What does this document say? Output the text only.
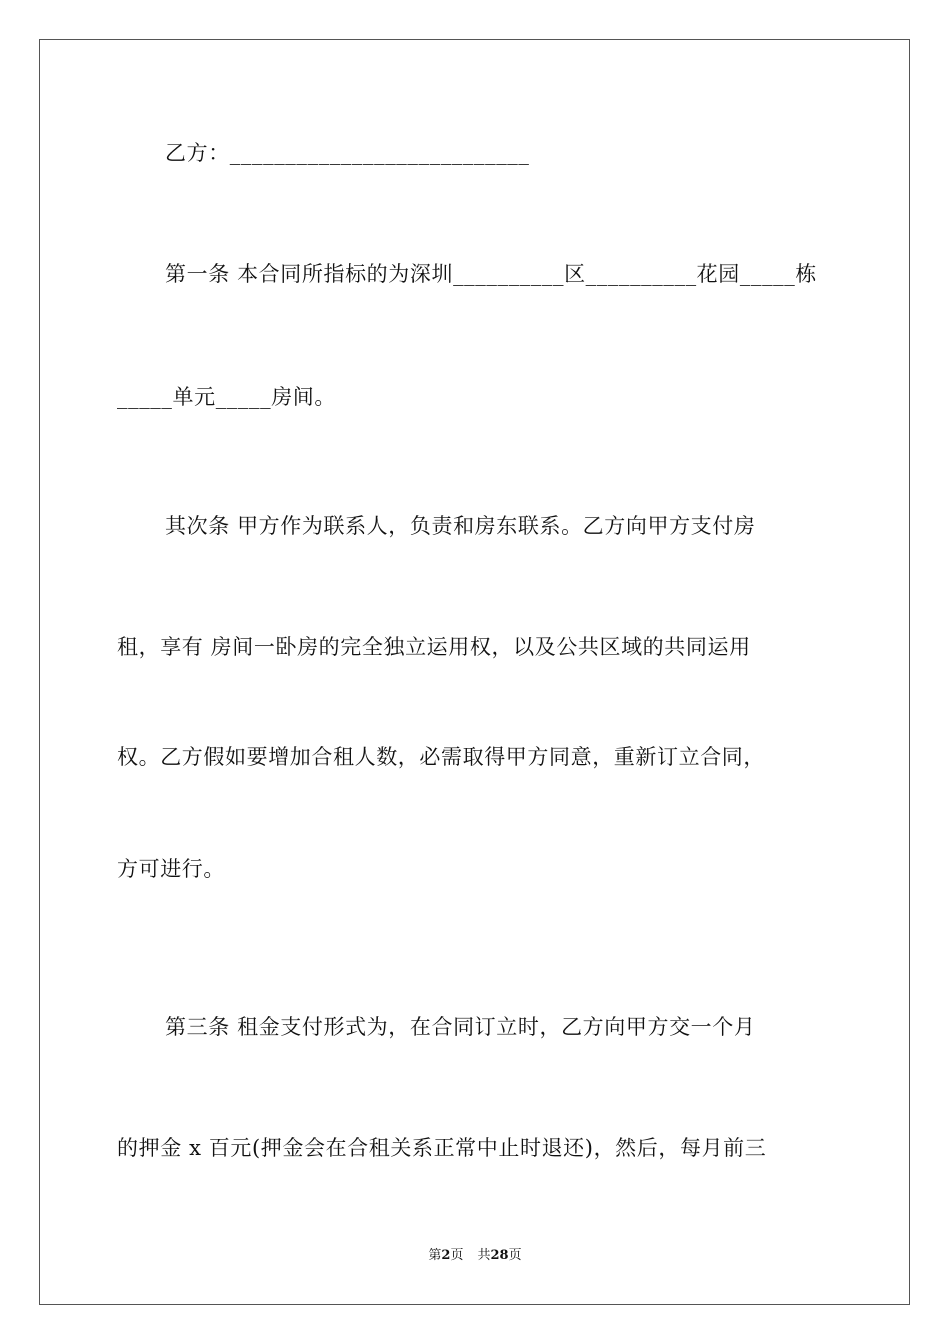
乙方：___________________________
第一条 本合同所指标的为深圳__________区__________花园_____栋
_____单元_____房间。
其次条 甲方作为联系人，负责和房东联系。乙方向甲方支付房
租，享有 房间一卧房的完全独立运用权，以及公共区域的共同运用
权。乙方假如要增加合租人数，必需取得甲方同意，重新订立合同，
方可进行。
第三条 租金支付形式为，在合同订立时，乙方向甲方交一个月
的押金 x 百元(押金会在合租关系正常中止时退还)，然后，每月前三
第2页 共28页
